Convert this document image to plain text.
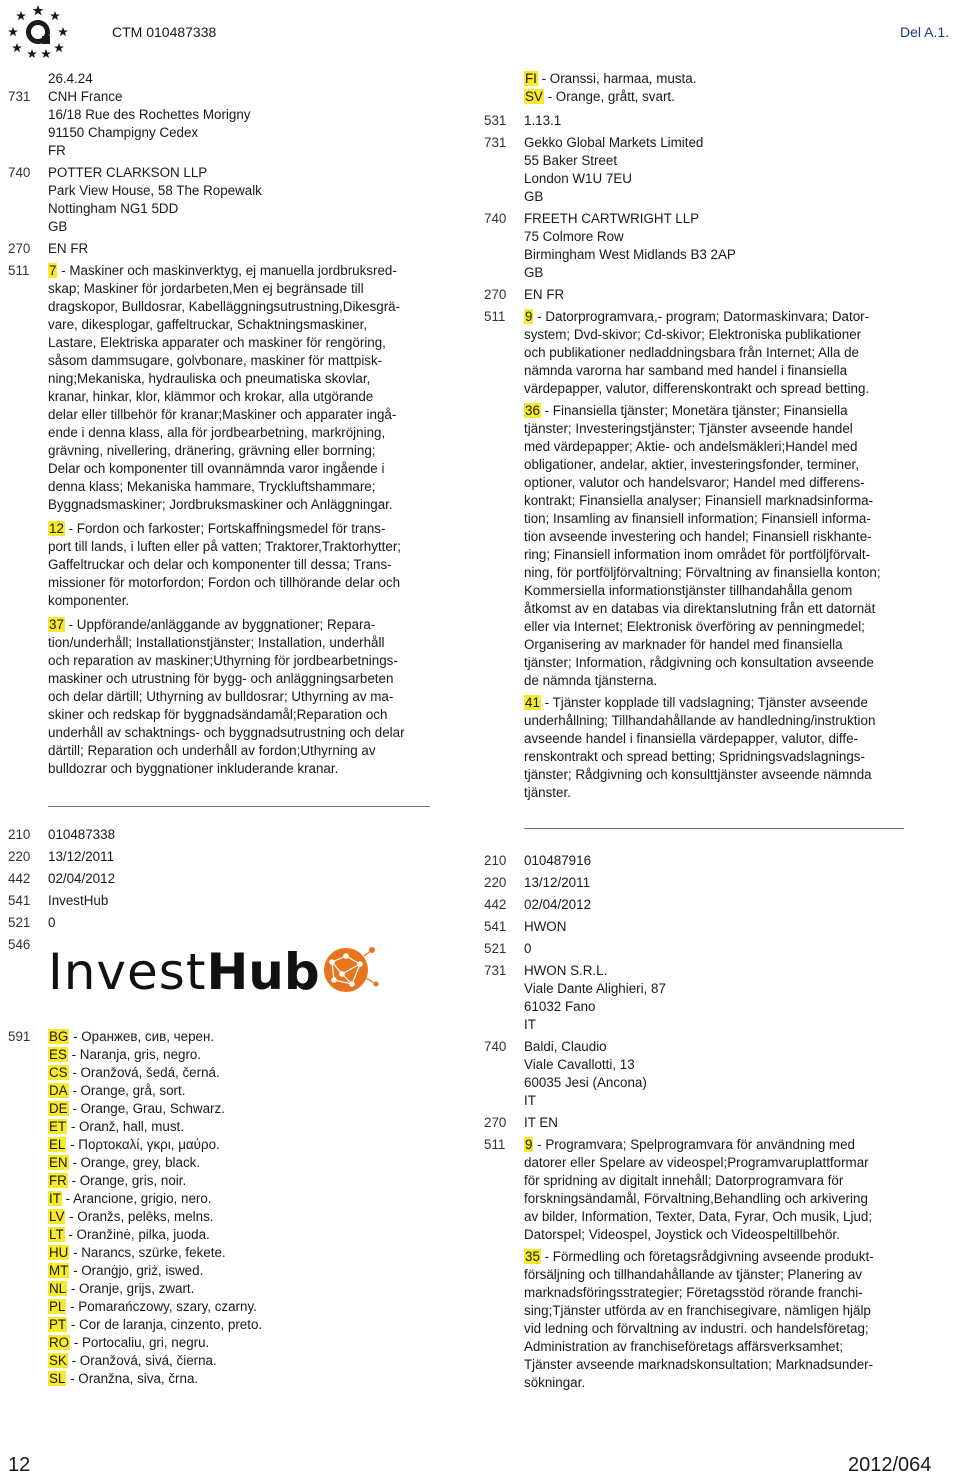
CTM 010487338	Del A.1.
26.4.24
731	CNH France
16/18 Rue des Rochettes Morigny
91150 Champigny Cedex
FR
740	POTTER CLARKSON LLP
Park View House, 58 The Ropewalk
Nottingham NG1 5DD
GB
270	EN FR
511	7 - Maskiner och maskinverktyg, ej manuella jordbruksred-
skap; Maskiner för jordarbeten,Men ej begränsade till
dragskopor, Bulldosrar, Kabelläggningsutrustning,Dikesgrä-
vare, dikesplogar, gaffeltruckar, Schaktningsmaskiner,
Lastare, Elektriska apparater och maskiner för rengöring,
såsom dammsugare, golvbonare, maskiner för mattpisk-
ning;Mekaniska, hydrauliska och pneumatiska skovlar,
kranar, hinkar, klor, klämmor och krokar, alla utgörande
delar eller tillbehör för kranar;Maskiner och apparater ingå-
ende i denna klass, alla för jordbearbetning, markröjning,
grävning, nivellering, dränering, grävning eller borrning;
Delar och komponenter till ovannämnda varor ingående i
denna klass; Mekaniska hammare, Tryckluftshammare;
Byggnadsmaskiner; Jordbruksmaskiner och Anläggningar.
12 - Fordon och farkoster; Fortskaffningsmedel för trans-
port till lands, i luften eller på vatten; Traktorer,Traktorhytter;
Gaffeltruckar och delar och komponenter till dessa; Trans-
missioner för motorfordon; Fordon och tillhörande delar och
komponenter.
37 - Uppförande/anläggande av byggnationer; Repara-
tion/underhåll; Installationstjänster; Installation, underhåll
och reparation av maskiner;Uthyrning för jordbearbetnings-
maskiner och utrustning för bygg- och anläggningsarbeten
och delar därtill; Uthyrning av bulldosrar; Uthyrning av ma-
skiner och redskap för byggnadsändamål;Reparation och
underhåll av schaktnings- och byggnadsutrustning och delar
därtill; Reparation och underhåll av fordon;Uthyrning av
bulldozrar och byggnationer inkluderande kranar.
FI - Oranssi, harmaa, musta.
SV - Orange, grått, svart.
531	1.13.1
731	Gekko Global Markets Limited
55 Baker Street
London W1U 7EU
GB
740	FREETH CARTWRIGHT LLP
75 Colmore Row
Birmingham West Midlands B3 2AP
GB
270	EN FR
511	9 - Datorprogramvara,- program; Datormaskinvara; Dator-
system; Dvd-skivor; Cd-skivor; Elektroniska publikationer
och publikationer nedladdningsbara från Internet; Alla de
nämnda varorna har samband med handel i finansiella
värdepapper, valutor, differenskontrakt och spread betting.
36 - Finansiella tjänster; Monetära tjänster; Finansiella
tjänster; Investeringstjänster; Tjänster avseende handel
med värdepapper; Aktie- och andelsmäkleri;Handel med
obligationer, andelar, aktier, investeringsfonder, terminer,
optioner, valutor och handelsvaror; Handel med differens-
kontrakt; Finansiella analyser; Finansiell marknadsinforma-
tion; Insamling av finansiell information; Finansiell informa-
tion avseende investering och handel; Finansiell riskhante-
ring; Finansiell information inom området för portföljförvalt-
ning, för portföljförvaltning; Förvaltning av finansiella konton;
Kommersiella informationstjänster tillhandahålla genom
åtkomst av en databas via direktanslutning från ett datornät
eller via Internet; Elektronisk överföring av penningmedel;
Organisering av marknader för handel med finansiella
tjänster; Information, rådgivning och konsultation avseende
de nämnda tjänsterna.
41 - Tjänster kopplade till vadslagning; Tjänster avseende
underhållning; Tillhandahållande av handledning/instruktion
avseende handel i finansiella värdepapper, valutor, diffe-
renskontrakt och spread betting; Spridningsvadslagnings-
tjänster; Rådgivning och konsulttjänster avseende nämnda
tjänster.
210	010487338
220	13/12/2011
442	02/04/2012
541	InvestHub
521	0
546 Invest Hub
591	BG - Оранжев, сив, черен.
ES - Naranja, gris, negro.
CS - Oranžová, šedá, černá.
DA - Orange, grå, sort.
DE - Orange, Grau, Schwarz.
ET - Oranž, hall, must.
EL - Πορτοκαλί, γκρι, μαύρο.
EN - Orange, grey, black.
FR - Orange, gris, noir.
IT - Arancione, grigio, nero.
LV - Oranžs, pelēks, melns.
LT - Oranžinė, pilka, juoda.
HU - Narancs, szürke, fekete.
MT - Oranġjo, griż, iswed.
NL - Oranje, grijs, zwart.
PL - Pomarańczowy, szary, czarny.
PT - Cor de laranja, cinzento, preto.
RO - Portocaliu, gri, negru.
SK - Oranžová, sivá, čierna.
SL - Oranžna, siva, črna.
210	010487916
220	13/12/2011
442	02/04/2012
541	HWON
521	0
731	HWON S.R.L.
Viale Dante Alighieri, 87
61032 Fano
IT
740	Baldi, Claudio
Viale Cavallotti, 13
60035 Jesi (Ancona)
IT
270	IT EN
511	9 - Programvara; Spelprogramvara för användning med
datorer eller Spelare av videospel;Programvaruplattformar
för spridning av digitalt innehåll; Datorprogramvara för
forskningsändamål, Förvaltning,Behandling och arkivering
av bilder, Information, Texter, Data, Fyrar, Och musik, Ljud;
Datorspel; Videospel, Joystick och Videospeltillbehör.
35 - Förmedling och företagsrådgivning avseende produkt-
försäljning och tillhandahållande av tjänster; Planering av
marknadsföringsstrategier; Företagsstöd rörande franchi-
sing;Tjänster utförda av en franchisegivare, nämligen hjälp
vid ledning och förvaltning av industri. och handelsföretag;
Administration av franchiseföretags affärsverksamhet;
Tjänster avseende marknadskonsultation; Marknadsunder-
sökningar.
12	2012/064
